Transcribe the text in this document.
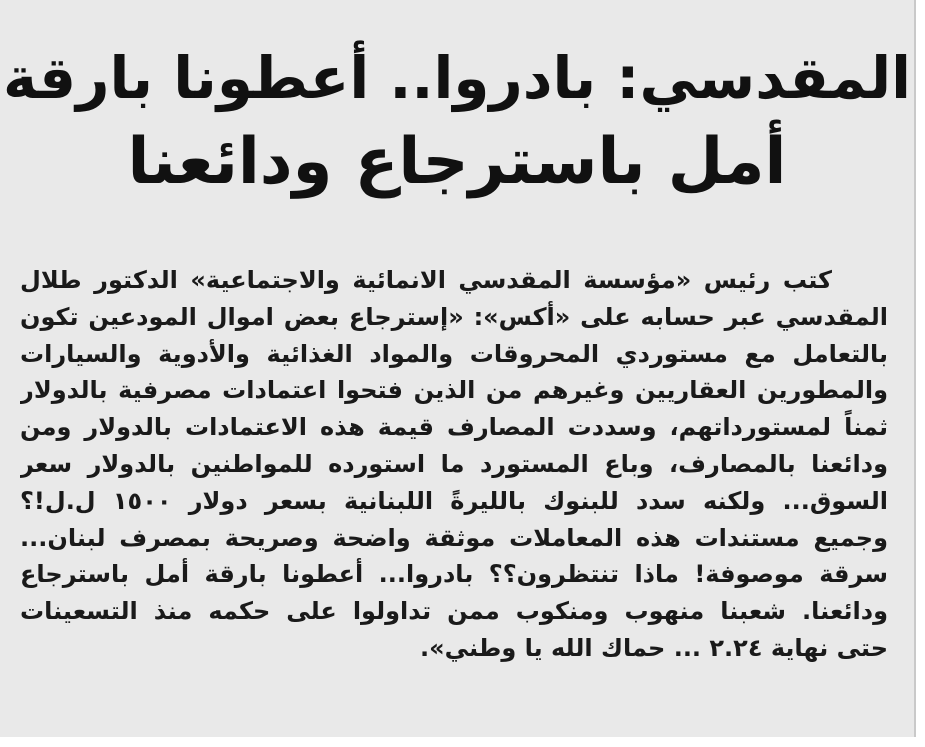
المقدسي: بادروا.. أعطونا بارقة
أمل باسترجاع ودائعنا
كتب رئيس «مؤسسة المقدسي الانمائية والاجتماعية» الدكتور طلال
المقدسي عبر حسابه على «أكس»: «إسترجاع بعض اموال المودعين تكون
بالتعامل مع مستوردي المحروقات والمواد الغذائية والأدوية والسيارات
والمطورين العقاريين وغيرهم من الذين فتحوا اعتمادات مصرفية بالدولار
ثمناً لمستورداتهم، وسددت المصارف قيمة هذه الاعتمادات بالدولار ومن
ودائعنا بالمصارف، وباع المستورد ما استورده للمواطنين بالدولار سعر
السوق... ولكنه سدد للبنوك بالليرةً اللبنانية بسعر دولار ١٥٠٠ ل.ل!؟
وجميع مستندات هذه المعاملات موثقة واضحة وصريحة بمصرف لبنان...
سرقة موصوفة! ماذا تنتظرون؟؟ بادروا... أعطونا بارقة أمل باسترجاع
ودائعنا. شعبنا منهوب ومنكوب ممن تداولوا على حكمه منذ التسعينات
حتى نهاية ٢.٢٤ ... حماك الله يا وطني».
